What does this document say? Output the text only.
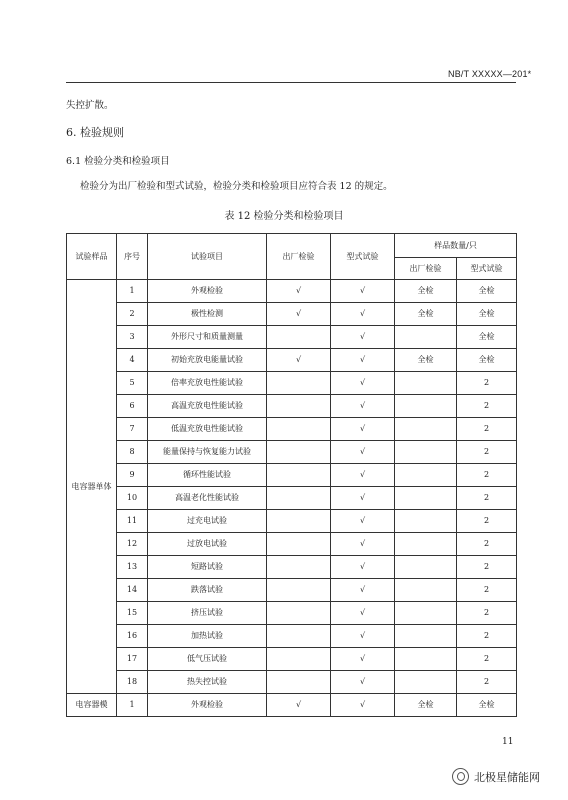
NB/T XXXXX—201*
失控扩散。
6. 检验规则
6.1 检验分类和检验项目
检验分为出厂检验和型式试验，检验分类和检验项目应符合表 12 的规定。
表 12 检验分类和检验项目
试验样品	序号	试验项目	出厂检验	型式试验	样品数量/只	
					出厂检验	型式试验
电容器单体	1	外观检验	√	√	全检	全检
	2	极性检测	√	√	全检	全检
	3	外形尺寸和质量测量		√		全检
	4	初始充放电能量试验	√	√	全检	全检
	5	倍率充放电性能试验		√		2
	6	高温充放电性能试验		√		2
	7	低温充放电性能试验		√		2
	8	能量保持与恢复能力试验		√		2
	9	循环性能试验		√		2
	10	高温老化性能试验		√		2
	11	过充电试验		√		2
	12	过放电试验		√		2
	13	短路试验		√		2
	14	跌落试验		√		2
	15	挤压试验		√		2
	16	加热试验		√		2
	17	低气压试验		√		2
	18	热失控试验		√		2
电容器模	1	外观检验	√	√	全检	全检
11
北极星储能网
